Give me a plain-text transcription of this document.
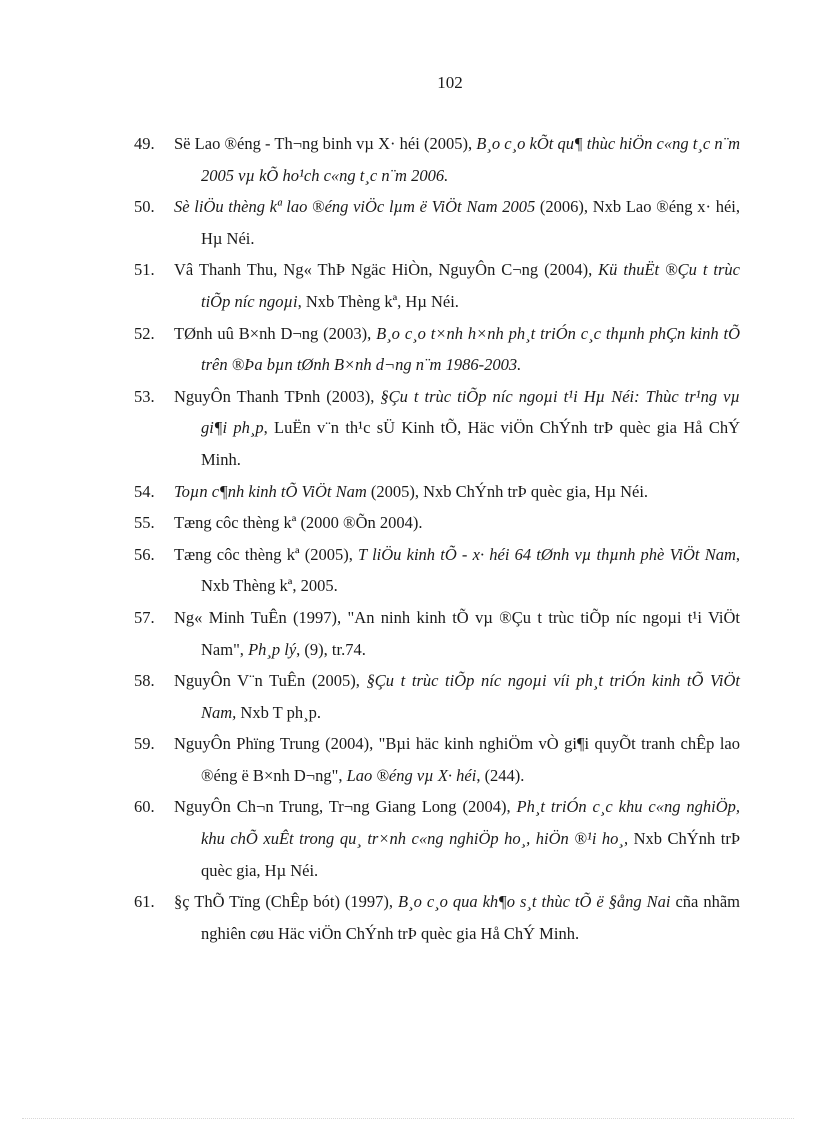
102
49. Së Lao ®éng - Th¬ng binh vµ X· héi (2005), B¸o c¸o kÕt qu¶ thùc hiÖn c«ng t¸c n¨m 2005 vµ kÕ ho¹ch c«ng t¸c n¨m 2006.
50. Sè liÖu thèng kª lao ®éng viÖc lµm ë ViÖt Nam 2005 (2006), Nxb Lao ®éng x· héi, Hµ Néi.
51. Vâ Thanh Thu, Ng« ThÞ Ngäc HiÒn, NguyÔn C¬ng (2004), Kü thuËt ®Çu t trùc tiÕp níc ngoµi, Nxb Thèng kª, Hµ Néi.
52. TØnh uû B×nh D¬ng (2003), B¸o c¸o t×nh h×nh ph¸t triÓn c¸c thµnh phÇn kinh tÕ trên ®Þa bµn tØnh B×nh d¬ng n¨m 1986-2003.
53. NguyÔn Thanh TÞnh (2003), §Çu t trùc tiÕp níc ngoµi t¹i Hµ Néi: Thùc tr¹ng vµ gi¶i ph¸p, LuËn v¨n th¹c sÜ Kinh tÕ, Häc viÖn ChÝnh trÞ quèc gia Hå ChÝ Minh.
54. Toµn c¶nh kinh tÕ ViÖt Nam (2005), Nxb ChÝnh trÞ quèc gia, Hµ Néi.
55. Tæng côc thèng kª (2000 ®Õn 2004).
56. Tæng côc thèng kª (2005), T liÖu kinh tÕ - x· héi 64 tØnh vµ thµnh phè ViÖt Nam, Nxb Thèng kª, 2005.
57. Ng« Minh TuÊn (1997), "An ninh kinh tÕ vµ ®Çu t trùc tiÕp níc ngoµi t¹i ViÖt Nam", Ph¸p lý, (9), tr.74.
58. NguyÔn V¨n TuÊn (2005), §Çu t trùc tiÕp níc ngoµi víi ph¸t triÓn kinh tÕ ViÖt Nam, Nxb T ph¸p.
59. NguyÔn Phïng Trung (2004), "Bµi häc kinh nghiÖm vÒ gi¶i quyÕt tranh chÊp lao ®éng ë B×nh D¬ng", Lao ®éng vµ X· héi, (244).
60. NguyÔn Ch¬n Trung, Tr¬ng Giang Long (2004), Ph¸t triÓn c¸c khu c«ng nghiÖp, khu chÕ xuÊt trong qu¸ tr×nh c«ng nghiÖp ho¸, hiÖn ®¹i ho¸, Nxb ChÝnh trÞ quèc gia, Hµ Néi.
61. §ç ThÕ Tïng (ChÊp bót) (1997), B¸o c¸o qua kh¶o s¸t thùc tÕ ë §ång Nai cña nhãm nghiên cøu Häc viÖn ChÝnh trÞ quèc gia Hå ChÝ Minh.
